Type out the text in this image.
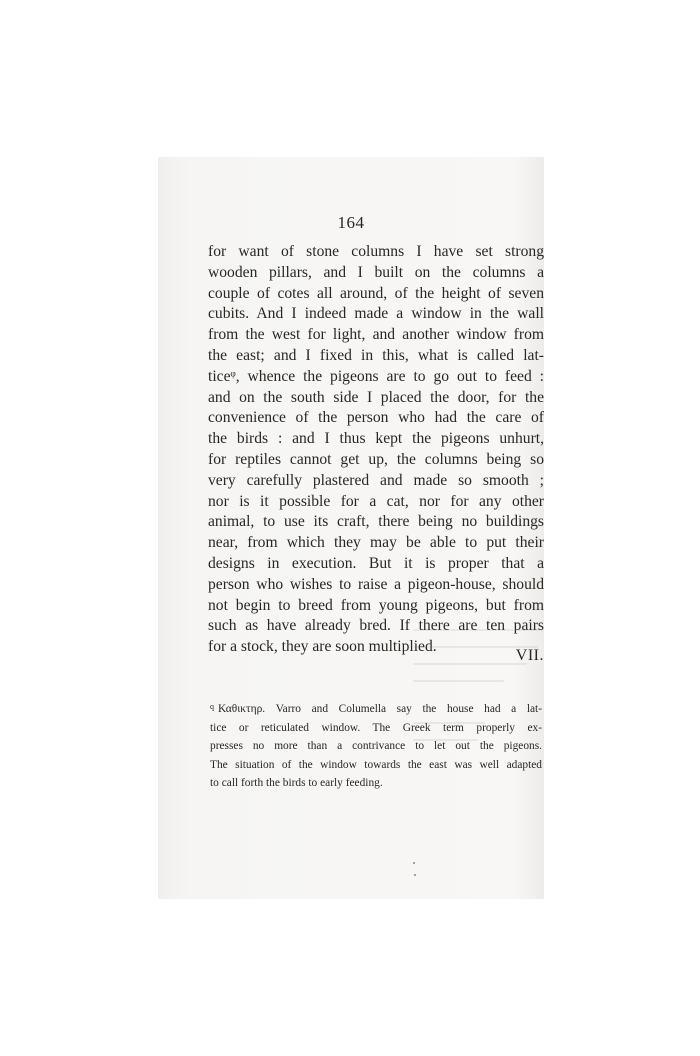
164
for want of stone columns I have set strong
wooden pillars, and I built on the columns a
couple of cotes all around, of the height of seven
cubits. And I indeed made a window in the wall
from the west for light, and another window from
the east; and I fixed in this, what is called lat-
ticeᵠ, whence the pigeons are to go out to feed :
and on the south side I placed the door, for the
convenience of the person who had the care of
the birds : and I thus kept the pigeons unhurt,
for reptiles cannot get up, the columns being so
very carefully plastered and made so smooth ;
nor is it possible for a cat, nor for any other
animal, to use its craft, there being no buildings
near, from which they may be able to put their
designs in execution. But it is proper that a
person who wishes to raise a pigeon-house, should
not begin to breed from young pigeons, but from
such as have already bred. If there are ten pairs
for a stock, they are soon multiplied.
VII.
$^q$ Καθικτηρ. Varro and Columella say the house had a lat-
tice or reticulated window. The Greek term properly ex-
presses no more than a contrivance to let out the pigeons.
The situation of the window towards the east was well adapted
to call forth the birds to early feeding.
